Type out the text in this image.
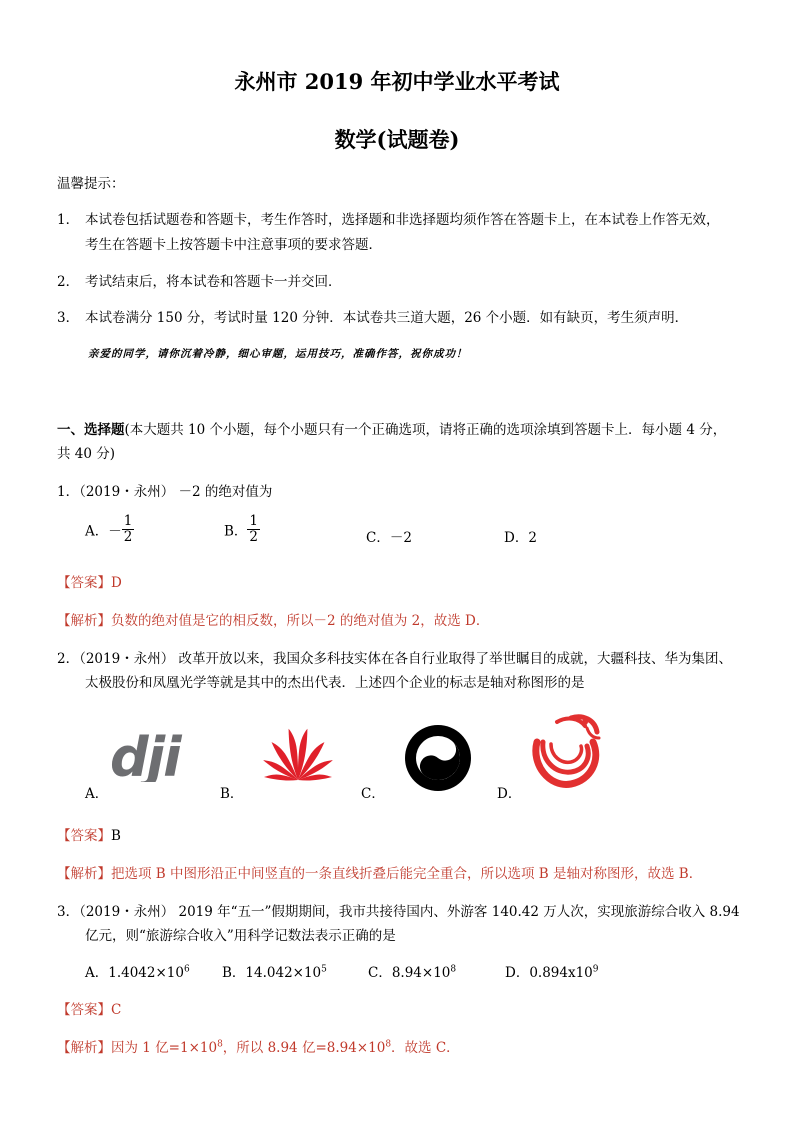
永州市 2019 年初中学业水平考试
数学(试题卷)
温馨提示：
1． 本试卷包括试题卷和答题卡，考生作答时，选择题和非选择题均须作答在答题卡上，在本试卷上作答无效，
考生在答题卡上按答题卡中注意事项的要求答题．
2． 考试结束后，将本试卷和答题卡一并交回．
3． 本试卷满分 150 分，考试时量 120 分钟．本试卷共三道大题，26 个小题．如有缺页，考生须声明．
亲爱的同学，请你沉着冷静，细心审题，运用技巧，准确作答，祝你成功！
一、选择题(本大题共 10 个小题，每个小题只有一个正确选项，请将正确的选项涂填到答题卡上．每小题 4 分，
共 40 分)
1．（2019・永州） －2 的绝对值为
A．－ $\frac{1}{2}$	B． $\frac{1}{2}$	C．－2	D．2
【答案】D
【解析】负数的绝对值是它的相反数，所以－2 的绝对值为 2，故选 D．
2．（2019・永州） 改革开放以来，我国众多科技实体在各自行业取得了举世瞩目的成就，大疆科技、华为集团、
太极股份和凤凰光学等就是其中的杰出代表．上述四个企业的标志是轴对称图形的是
dji
A．	B．	C．	D．
【答案】B
【解析】把选项 B 中图形沿正中间竖直的一条直线折叠后能完全重合，所以选项 B 是轴对称图形，故选 B．
3．（2019・永州） 2019 年“五一”假期期间，我市共接待国内、外游客 140.42 万人次，实现旅游综合收入 8.94
亿元，则“旅游综合收入”用科学记数法表示正确的是
A．$1.4042\times 10^6$ B．$14.042\times 10^5$	C．$8.94\times 10^8$	D．$0.894x10^9$
【答案】C
【解析】因为 1 亿$=1\times 10^8$，所以 8.94 亿$=8.94\times 10^8$．故选 C．
